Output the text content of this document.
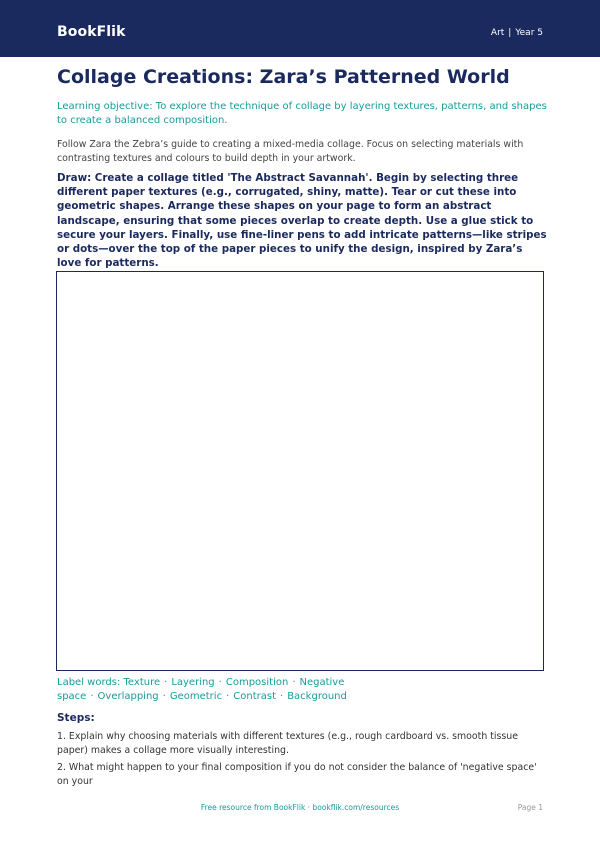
BookFlik	Art | Year 5
Collage Creations: Zara’s Patterned World
Learning objective: To explore the technique of collage by layering textures, patterns, and shapes to create a balanced composition.
Follow Zara the Zebra’s guide to creating a mixed-media collage. Focus on selecting materials with contrasting textures and colours to build depth in your artwork.
Draw: Create a collage titled 'The Abstract Savannah'. Begin by selecting three different paper textures (e.g., corrugated, shiny, matte). Tear or cut these into geometric shapes. Arrange these shapes on your page to form an abstract landscape, ensuring that some pieces overlap to create depth. Use a glue stick to secure your layers. Finally, use fine-liner pens to add intricate patterns—like stripes or dots—over the top of the paper pieces to unify the design, inspired by Zara’s love for patterns.
Label words: Texture · Layering · Composition · Negative space · Overlapping · Geometric · Contrast · Background
Steps:

1. Explain why choosing materials with different textures (e.g., rough cardboard vs. smooth tissue paper) makes a collage more visually interesting.

2. What might happen to your final composition if you do not consider the balance of 'negative space' on your

Free resource from BookFlik · bookflik.com/resources	Page 1
